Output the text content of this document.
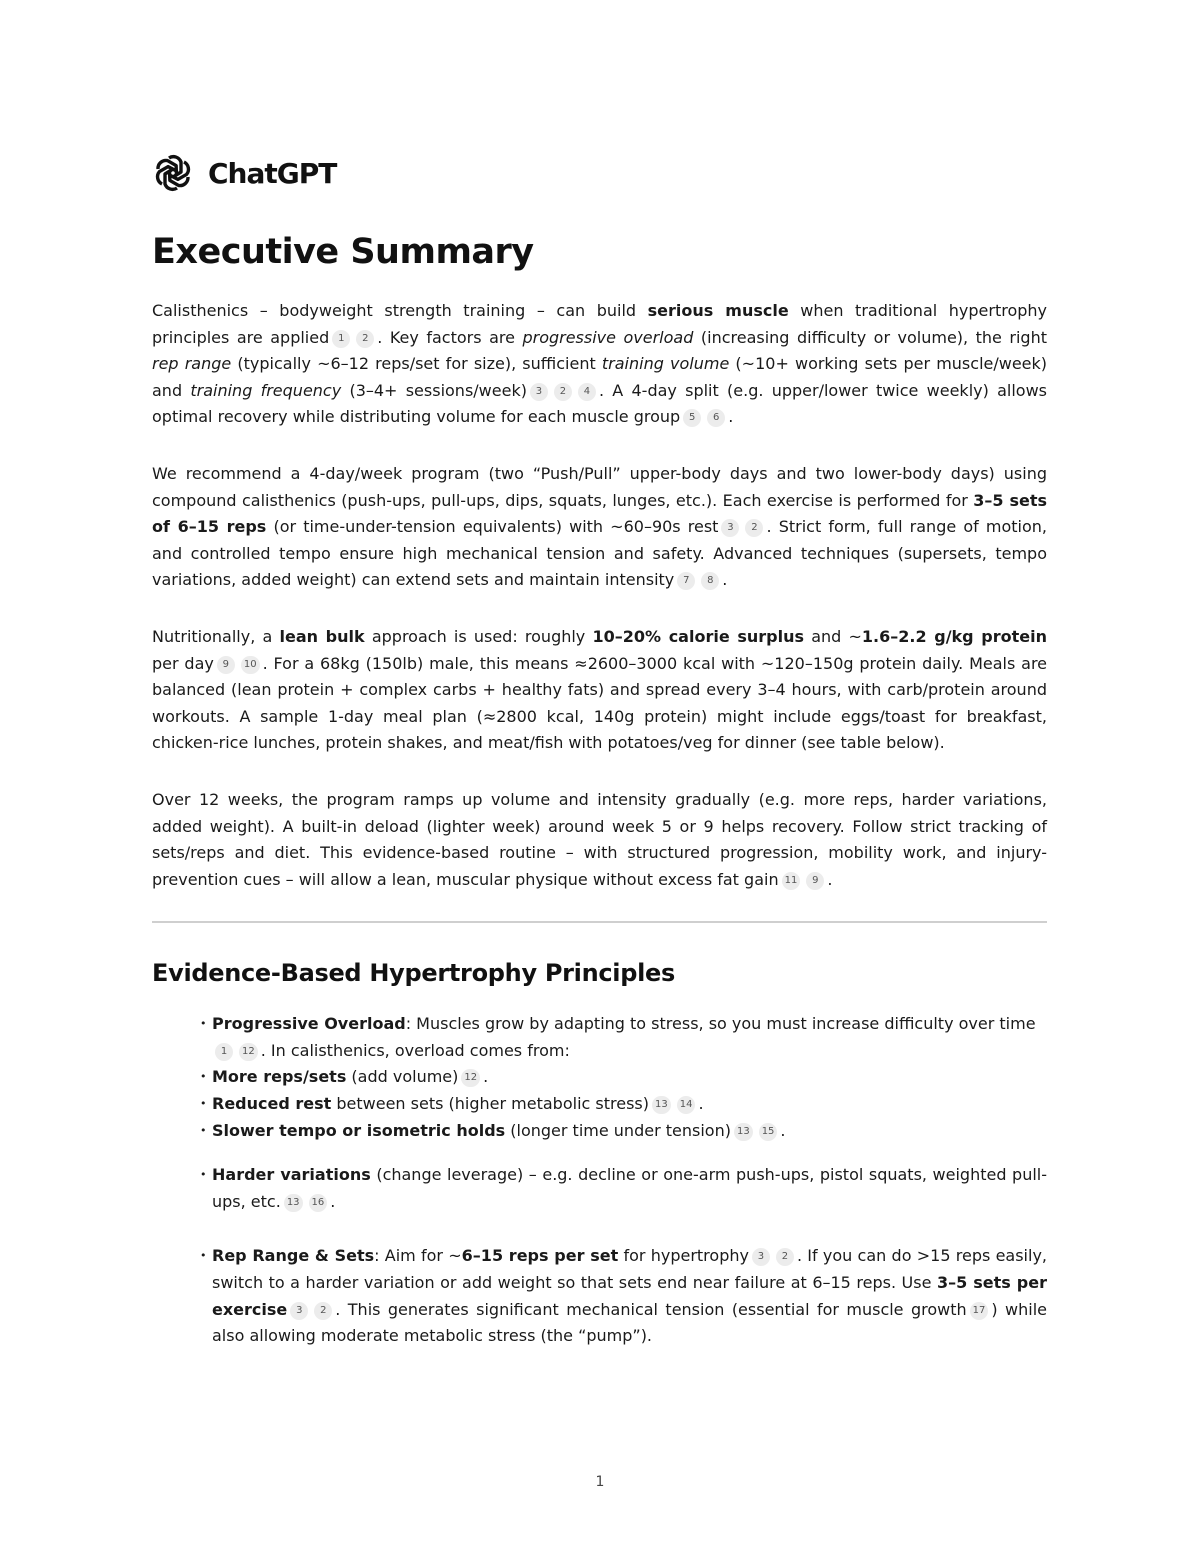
ChatGPT
Executive Summary

Calisthenics – bodyweight strength training – can build serious muscle when traditional hypertrophy principles are applied 1 2 . Key factors are progressive overload (increasing difficulty or volume), the right rep range (typically ~6–12 reps/set for size), sufficient training volume (~10+ working sets per muscle/week) and training frequency (3–4+ sessions/week) 3 2 4 . A 4-day split (e.g. upper/lower twice weekly) allows optimal recovery while distributing volume for each muscle group 5 6 .

We recommend a 4-day/week program (two “Push/Pull” upper-body days and two lower-body days) using compound calisthenics (push-ups, pull-ups, dips, squats, lunges, etc.). Each exercise is performed for 3–5 sets of 6–15 reps (or time-under-tension equivalents) with ~60–90s rest 3 2 . Strict form, full range of motion, and controlled tempo ensure high mechanical tension and safety. Advanced techniques (supersets, tempo variations, added weight) can extend sets and maintain intensity 7 8 .

Nutritionally, a lean bulk approach is used: roughly 10–20% calorie surplus and ~1.6–2.2 g/kg protein per day 9 10 . For a 68kg (150lb) male, this means ≈2600–3000 kcal with ~120–150g protein daily. Meals are balanced (lean protein + complex carbs + healthy fats) and spread every 3–4 hours, with carb/protein around workouts. A sample 1-day meal plan (≈2800 kcal, 140g protein) might include eggs/toast for breakfast, chicken-rice lunches, protein shakes, and meat/fish with potatoes/veg for dinner (see table below).

Over 12 weeks, the program ramps up volume and intensity gradually (e.g. more reps, harder variations, added weight). A built-in deload (lighter week) around week 5 or 9 helps recovery. Follow strict tracking of sets/reps and diet. This evidence-based routine – with structured progression, mobility work, and injury-prevention cues – will allow a lean, muscular physique without excess fat gain 11 9 .

Evidence-Based Hypertrophy Principles
• Progressive Overload: Muscles grow by adapting to stress, so you must increase difficulty over time
1 12 . In calisthenics, overload comes from:
• More reps/sets (add volume) 12 .
• Reduced rest between sets (higher metabolic stress) 13 14 .
• Slower tempo or isometric holds (longer time under tension) 13 15 .
• Harder variations (change leverage) – e.g. decline or one-arm push-ups, pistol squats, weighted pull-ups, etc. 13 16 .
• Rep Range & Sets: Aim for ~6–15 reps per set for hypertrophy 3 2 . If you can do >15 reps easily, switch to a harder variation or add weight so that sets end near failure at 6–15 reps. Use 3–5 sets per exercise 3 2 . This generates significant mechanical tension (essential for muscle growth 17 ) while also allowing moderate metabolic stress (the “pump”).
1
